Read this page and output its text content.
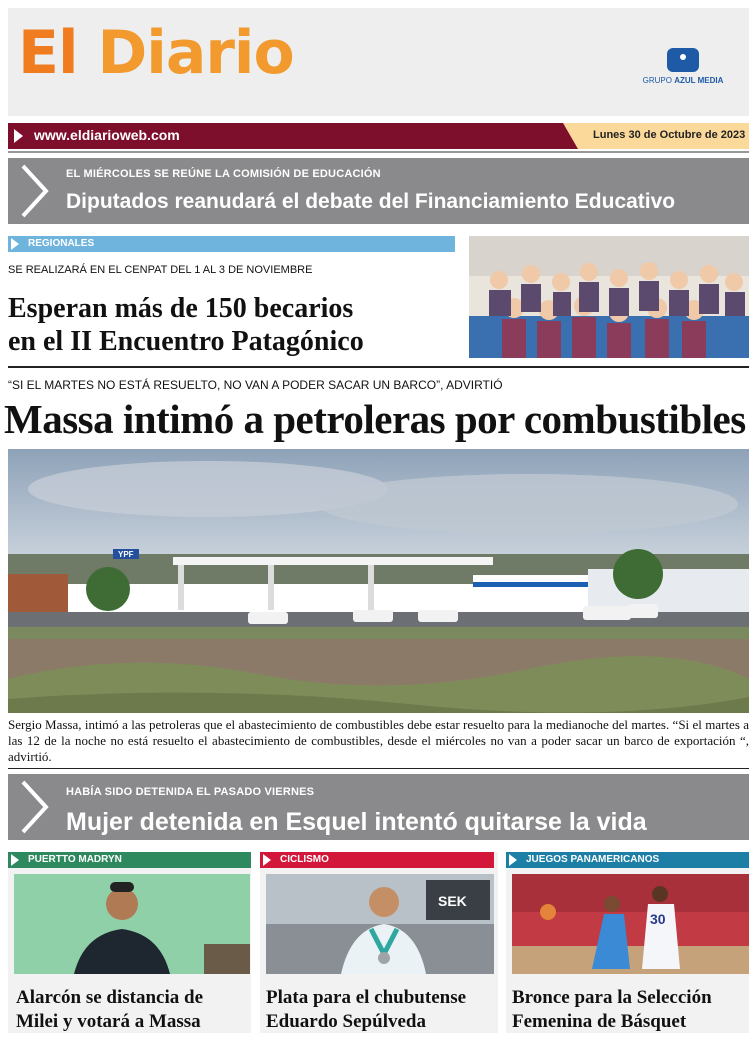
El Diario	GRUPO AZUL MEDIA
www.eldiarioweb.com	Lunes 30 de Octubre de 2023
EL MIÉRCOLES SE REÚNE LA COMISIÓN DE EDUCACIÓN
Diputados reanudará el debate del Financiamiento Educativo
REGIONALES
SE REALIZARÁ EN EL CENPAT DEL 1 AL 3 DE NOVIEMBRE
Esperan más de 150 becarios
en el II Encuentro Patagónico
“SI EL MARTES NO ESTÁ RESUELTO, NO VAN A PODER SACAR UN BARCO”, ADVIRTIÓ
Massa intimó a petroleras por combustibles
YPF
Sergio Massa, intimó a las petroleras que el abastecimiento de combustibles debe estar resuelto para la medianoche del martes. “Si el martes a las 12 de la noche no está resuelto el abastecimiento de combustibles, desde el miércoles no van a poder sacar un barco de exportación “, advirtió.
HABÍA SIDO DETENIDA EL PASADO VIERNES
Mujer detenida en Esquel intentó quitarse la vida
PUERTTO MADRYN
Alarcón se distancia de
Milei y votará a Massa
CICLISMO
SEK
Plata para el chubutense
Eduardo Sepúlveda
JUEGOS PANAMERICANOS
30
Bronce para la Selección
Femenina de Básquet
